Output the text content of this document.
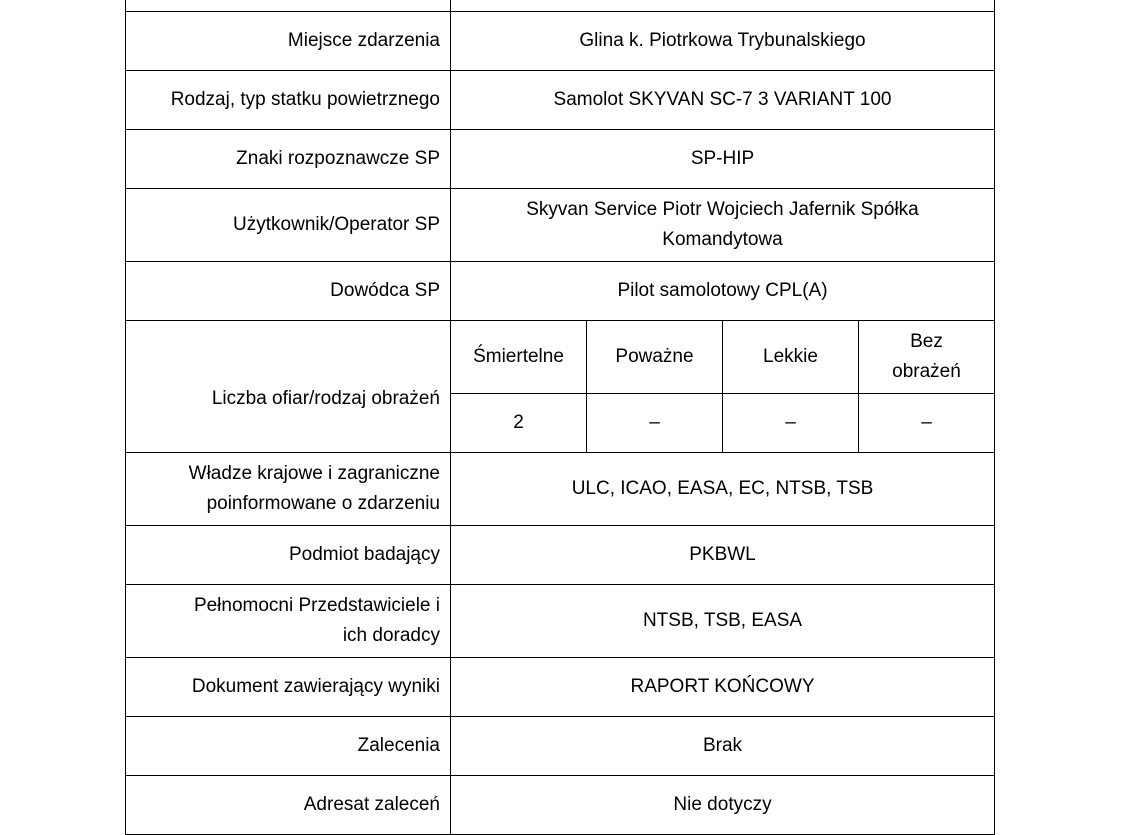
Miejsce zdarzenia	Glina k. Piotrkowa Trybunalskiego			
Rodzaj, typ statku powietrznego	Samolot SKYVAN SC-7 3 VARIANT 100			
Znaki rozpoznawcze SP	SP-HIP			
Użytkownik/Operator SP	Skyvan Service Piotr Wojciech Jafernik Spółka
Komandytowa			

Dowódca SP	Pilot samolotowy CPL(A)			
Liczba ofiar/rodzaj obrażeń	Śmiertelne	Poważne	Lekkie	Bez
obrażeń

	2	–	–	–

Władze krajowe i zagraniczne
poinformowane o zdarzeniu	ULC, ICAO, EASA, EC, NTSB, TSB			
Podmiot badający	PKBWL			

Pełnomocni Przedstawiciele i
ich doradcy	NTSB, TSB, EASA			
Dokument zawierający wyniki	RAPORT KOŃCOWY			
Zalecenia	Brak			
Adresat zaleceń	Nie dotyczy			
